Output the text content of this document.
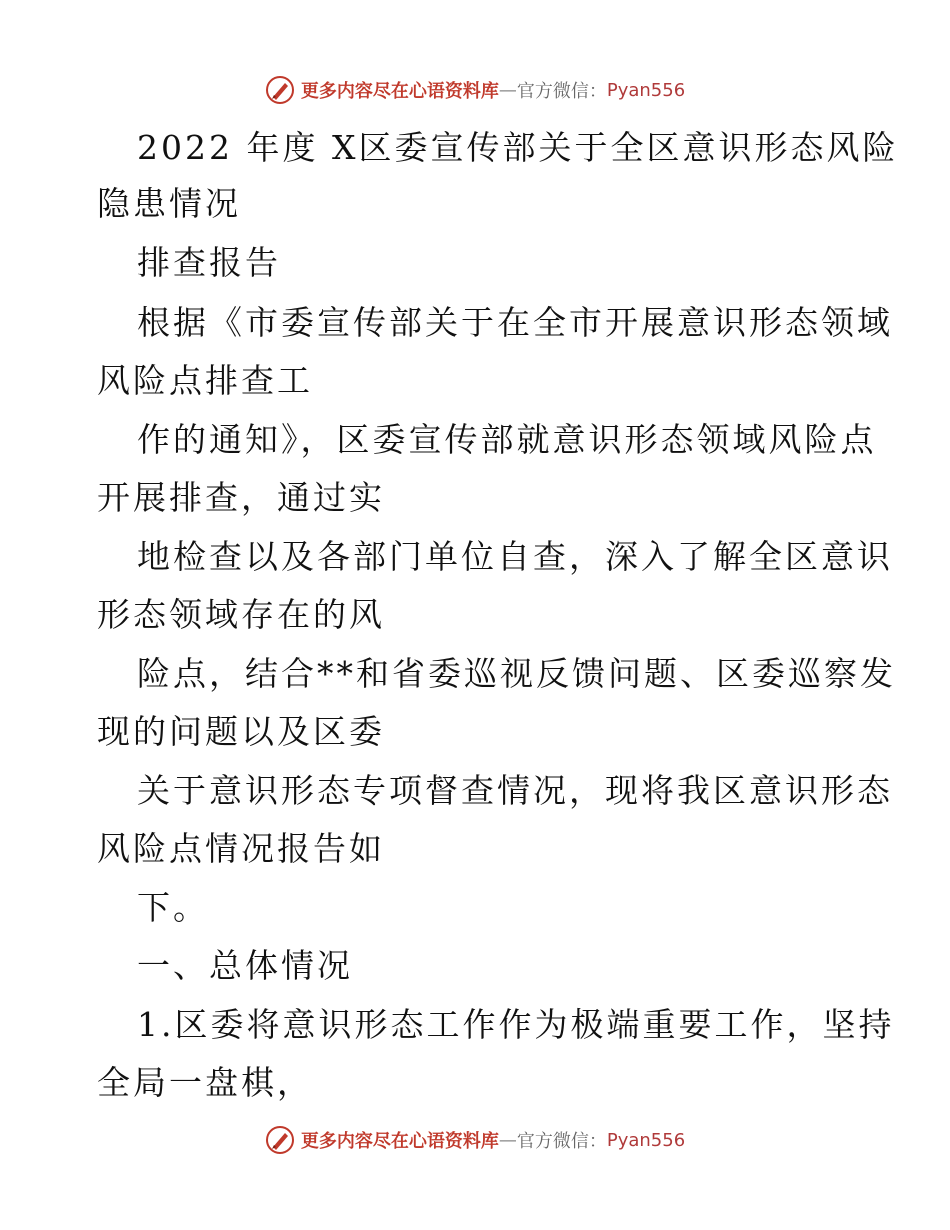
更多内容尽在心语资料库 — 官方微信： Pyan556
2022 年度 X区委宣传部关于全区意识形态风险
隐患情况
排查报告
根据《市委宣传部关于在全市开展意识形态领域
风险点排查工
作的通知》，区委宣传部就意识形态领域风险点
开展排查，通过实
地检查以及各部门单位自查，深入了解全区意识
形态领域存在的风
险点，结合**和省委巡视反馈问题、区委巡察发
现的问题以及区委
关于意识形态专项督查情况，现将我区意识形态
风险点情况报告如
下。
一、总体情况
1.区委将意识形态工作作为极端重要工作，坚持
全局一盘棋，
更多内容尽在心语资料库 — 官方微信： Pyan556
